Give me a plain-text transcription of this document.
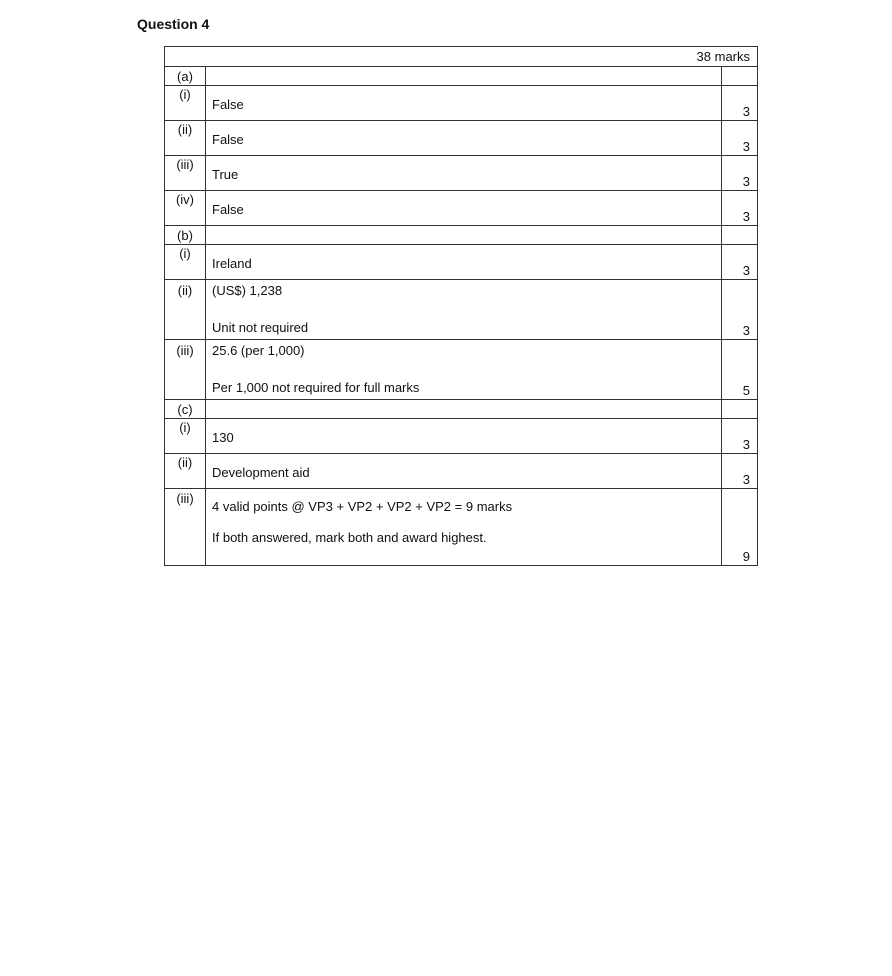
Question 4

38 marks		
(a)		
(i)	False	3
(ii)	False	3
(iii)	True	3
(iv)	False	3
(b)		
(i)	Ireland	3
(ii)	(US$) 1,238
Unit not required	3
(iii)	25.6 (per 1,000)
Per 1,000 not required for full marks	5
(c)		
(i)	130	3
(ii)	Development aid	3
(iii)	4 valid points @ VP3 + VP2 + VP2 + VP2 = 9 marks
If both answered, mark both and award highest.	9
